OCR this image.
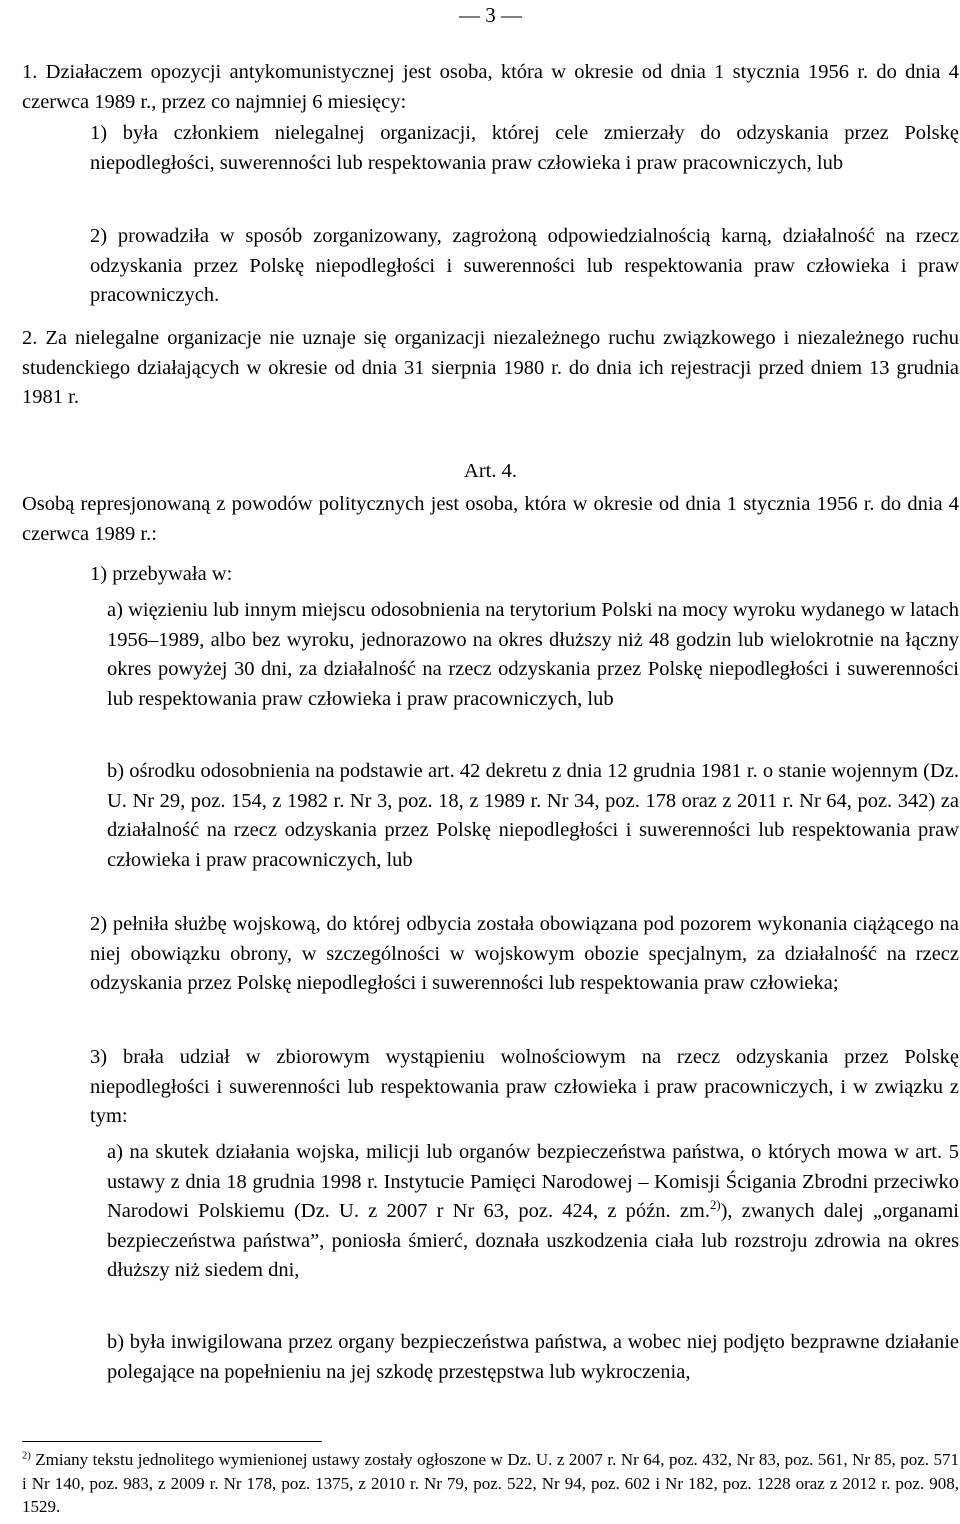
— 3 —
1. Działaczem opozycji antykomunistycznej jest osoba, która w okresie od dnia 1 stycznia 1956 r. do dnia 4 czerwca 1989 r., przez co najmniej 6 miesięcy:
1) była członkiem nielegalnej organizacji, której cele zmierzały do odzyskania przez Polskę niepodległości, suwerenności lub respektowania praw człowieka i praw pracowniczych, lub
2) prowadziła w sposób zorganizowany, zagrożoną odpowiedzialnością karną, działalność na rzecz odzyskania przez Polskę niepodległości i suwerenności lub respektowania praw człowieka i praw pracowniczych.
2. Za nielegalne organizacje nie uznaje się organizacji niezależnego ruchu związkowego i niezależnego ruchu studenckiego działających w okresie od dnia 31 sierpnia 1980 r. do dnia ich rejestracji przed dniem 13 grudnia 1981 r.
Art. 4.
Osobą represjonowaną z powodów politycznych jest osoba, która w okresie od dnia 1 stycznia 1956 r. do dnia 4 czerwca 1989 r.:
1) przebywała w:
a) więzieniu lub innym miejscu odosobnienia na terytorium Polski na mocy wyroku wydanego w latach 1956–1989, albo bez wyroku, jednorazowo na okres dłuższy niż 48 godzin lub wielokrotnie na łączny okres powyżej 30 dni, za działalność na rzecz odzyskania przez Polskę niepodległości i suwerenności lub respektowania praw człowieka i praw pracowniczych, lub
b) ośrodku odosobnienia na podstawie art. 42 dekretu z dnia 12 grudnia 1981 r. o stanie wojennym (Dz. U. Nr 29, poz. 154, z 1982 r. Nr 3, poz. 18, z 1989 r. Nr 34, poz. 178 oraz z 2011 r. Nr 64, poz. 342) za działalność na rzecz odzyskania przez Polskę niepodległości i suwerenności lub respektowania praw człowieka i praw pracowniczych, lub
2) pełniła służbę wojskową, do której odbycia została obowiązana pod pozorem wykonania ciążącego na niej obowiązku obrony, w szczególności w wojskowym obozie specjalnym, za działalność na rzecz odzyskania przez Polskę niepodległości i suwerenności lub respektowania praw człowieka;
3) brała udział w zbiorowym wystąpieniu wolnościowym na rzecz odzyskania przez Polskę niepodległości i suwerenności lub respektowania praw człowieka i praw pracowniczych, i w związku z tym:
a) na skutek działania wojska, milicji lub organów bezpieczeństwa państwa, o których mowa w art. 5 ustawy z dnia 18 grudnia 1998 r. Instytucie Pamięci Narodowej – Komisji Ścigania Zbrodni przeciwko Narodowi Polskiemu (Dz. U. z 2007 r Nr 63, poz. 424, z późn. zm.$^{2)}$), zwanych dalej „organami bezpieczeństwa państwa”, poniosła śmierć, doznała uszkodzenia ciała lub rozstroju zdrowia na okres dłuższy niż siedem dni,
b) była inwigilowana przez organy bezpieczeństwa państwa, a wobec niej podjęto bezprawne działanie polegające na popełnieniu na jej szkodę przestępstwa lub wykroczenia,
$^{2)}$ Zmiany tekstu jednolitego wymienionej ustawy zostały ogłoszone w Dz. U. z 2007 r. Nr 64, poz. 432, Nr 83, poz. 561, Nr 85, poz. 571 i Nr 140, poz. 983, z 2009 r. Nr 178, poz. 1375, z 2010 r. Nr 79, poz. 522, Nr 94, poz. 602 i Nr 182, poz. 1228 oraz z 2012 r. poz. 908, 1529.
